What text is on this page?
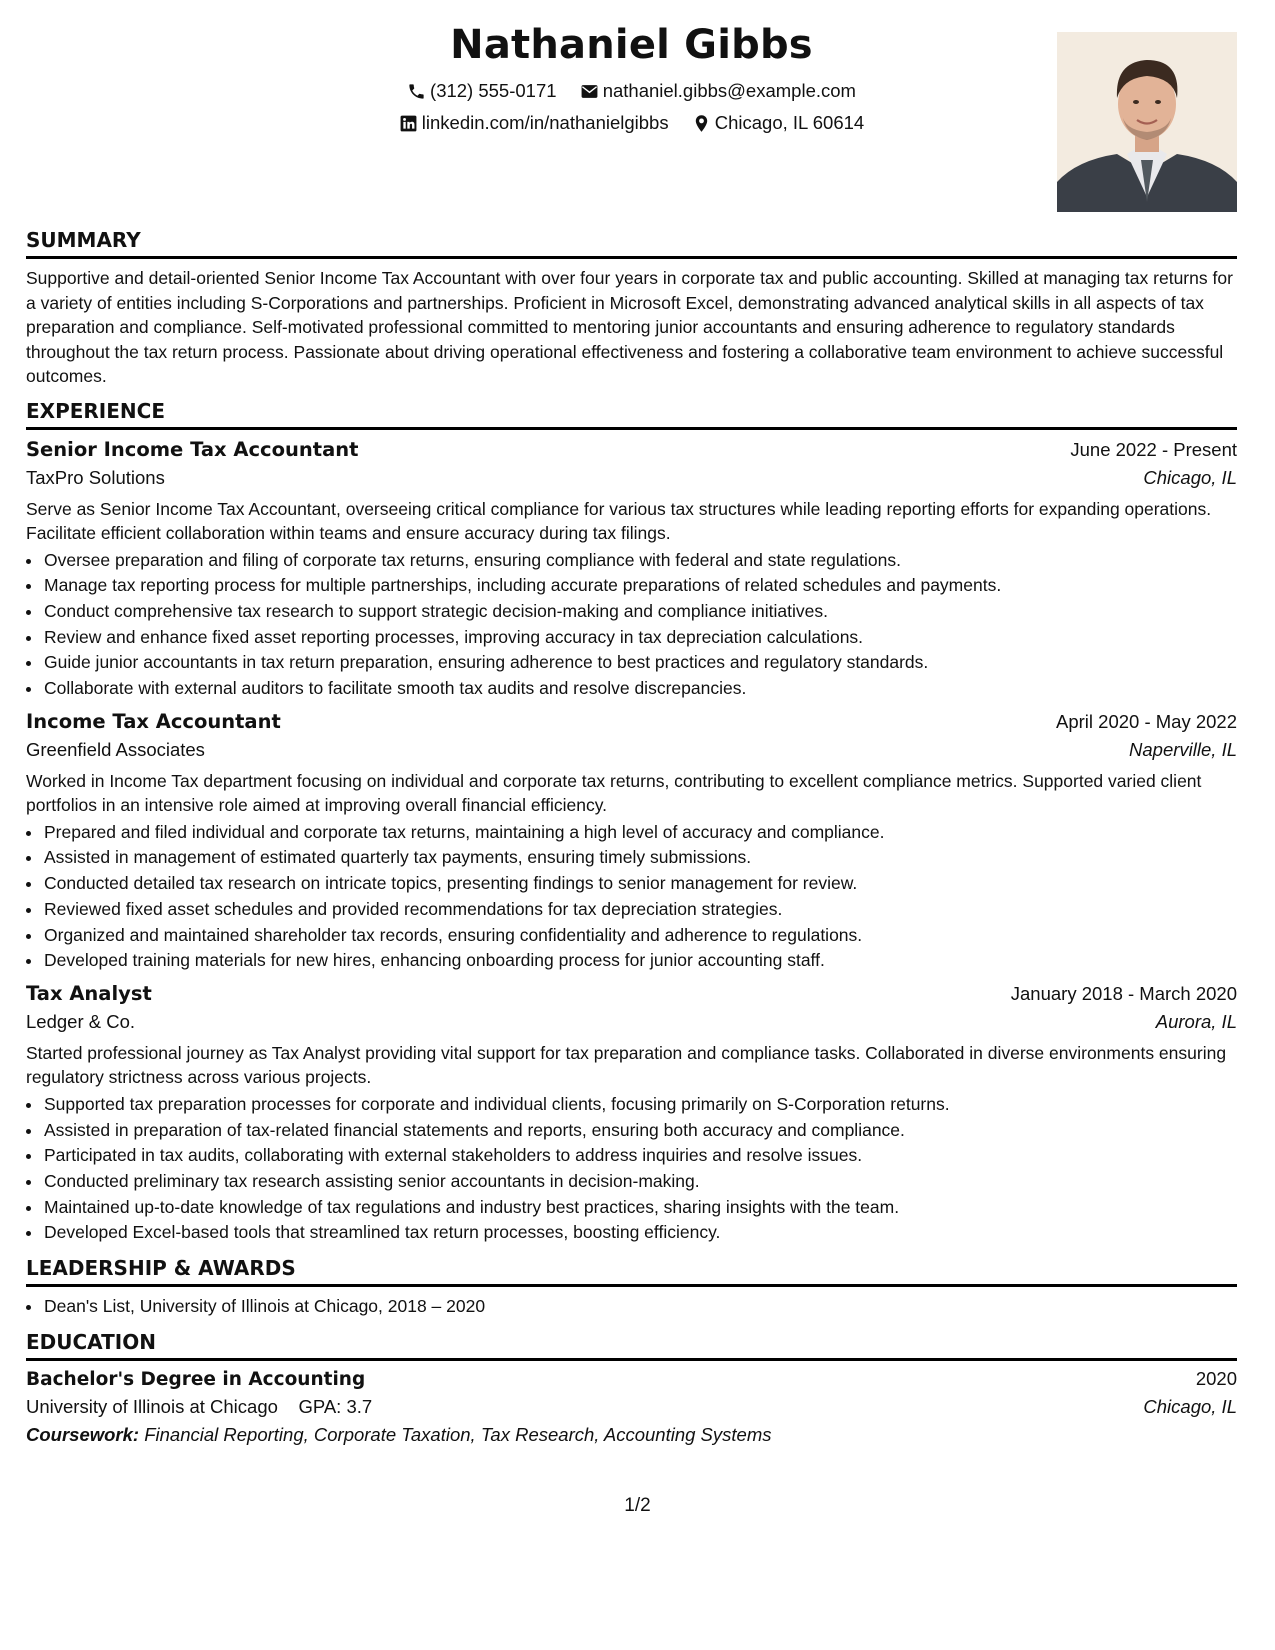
Nathaniel Gibbs
(312) 555-0171
nathaniel.gibbs@example.com
linkedin.com/in/nathanielgibbs
Chicago, IL 60614
SUMMARY
Supportive and detail-oriented Senior Income Tax Accountant with over four years in corporate tax and public accounting. Skilled at managing tax returns for a variety of entities including S-Corporations and partnerships. Proficient in Microsoft Excel, demonstrating advanced analytical skills in all aspects of tax preparation and compliance. Self-motivated professional committed to mentoring junior accountants and ensuring adherence to regulatory standards throughout the tax return process. Passionate about driving operational effectiveness and fostering a collaborative team environment to achieve successful outcomes.
EXPERIENCE
Senior Income Tax Accountant	June 2022 - Present
TaxPro Solutions	Chicago, IL
Serve as Senior Income Tax Accountant, overseeing critical compliance for various tax structures while leading reporting efforts for expanding operations. Facilitate efficient collaboration within teams and ensure accuracy during tax filings.
• Oversee preparation and filing of corporate tax returns, ensuring compliance with federal and state regulations.
• Manage tax reporting process for multiple partnerships, including accurate preparations of related schedules and payments.
• Conduct comprehensive tax research to support strategic decision-making and compliance initiatives.
• Review and enhance fixed asset reporting processes, improving accuracy in tax depreciation calculations.
• Guide junior accountants in tax return preparation, ensuring adherence to best practices and regulatory standards.
• Collaborate with external auditors to facilitate smooth tax audits and resolve discrepancies.
Income Tax Accountant	April 2020 - May 2022
Greenfield Associates	Naperville, IL
Worked in Income Tax department focusing on individual and corporate tax returns, contributing to excellent compliance metrics. Supported varied client portfolios in an intensive role aimed at improving overall financial efficiency.
• Prepared and filed individual and corporate tax returns, maintaining a high level of accuracy and compliance.
• Assisted in management of estimated quarterly tax payments, ensuring timely submissions.
• Conducted detailed tax research on intricate topics, presenting findings to senior management for review.
• Reviewed fixed asset schedules and provided recommendations for tax depreciation strategies.
• Organized and maintained shareholder tax records, ensuring confidentiality and adherence to regulations.
• Developed training materials for new hires, enhancing onboarding process for junior accounting staff.
Tax Analyst	January 2018 - March 2020
Ledger & Co.	Aurora, IL
Started professional journey as Tax Analyst providing vital support for tax preparation and compliance tasks. Collaborated in diverse environments ensuring regulatory strictness across various projects.
• Supported tax preparation processes for corporate and individual clients, focusing primarily on S-Corporation returns.
• Assisted in preparation of tax-related financial statements and reports, ensuring both accuracy and compliance.
• Participated in tax audits, collaborating with external stakeholders to address inquiries and resolve issues.
• Conducted preliminary tax research assisting senior accountants in decision-making.
• Maintained up-to-date knowledge of tax regulations and industry best practices, sharing insights with the team.
• Developed Excel-based tools that streamlined tax return processes, boosting efficiency.
LEADERSHIP & AWARDS
• Dean's List, University of Illinois at Chicago, 2018 – 2020
EDUCATION
Bachelor's Degree in Accounting	2020
University of Illinois at Chicago GPA: 3.7	Chicago, IL
Coursework: Financial Reporting, Corporate Taxation, Tax Research, Accounting Systems
1/2
